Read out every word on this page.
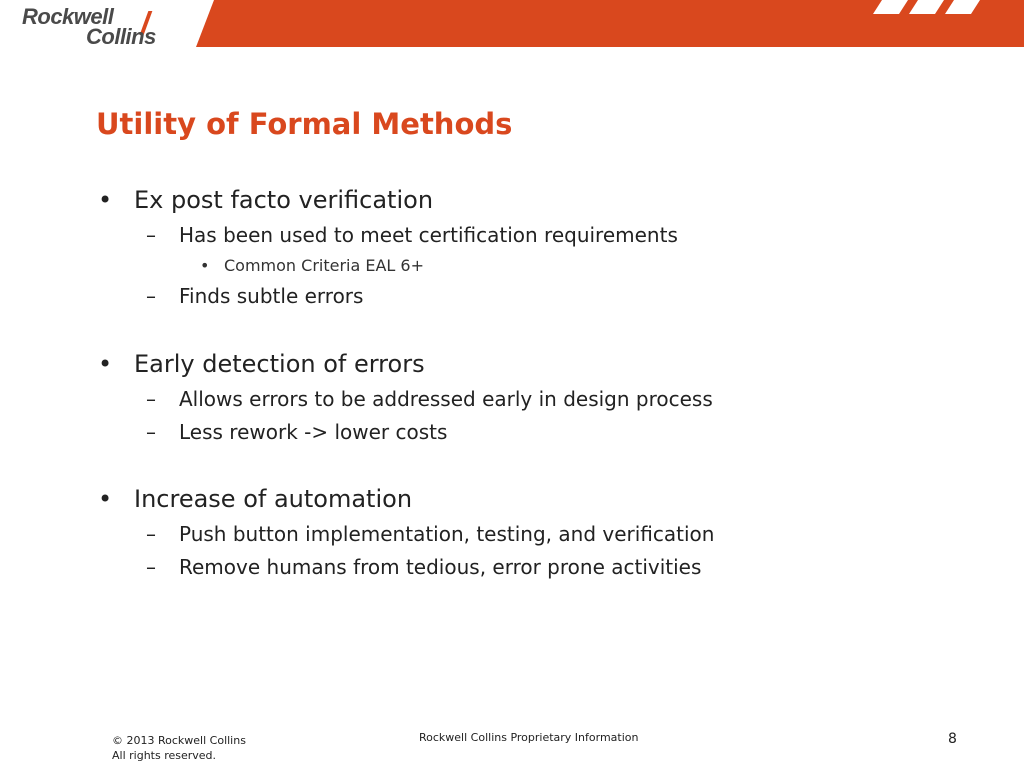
Rockwell
Collins
Utility of Formal Methods
• Ex post facto verification
– Has been used to meet certification requirements
• Common Criteria EAL 6+
– Finds subtle errors
• Early detection of errors
– Allows errors to be addressed early in design process
– Less rework -> lower costs
• Increase of automation
– Push button implementation, testing, and verification
– Remove humans from tedious, error prone activities
© 2013 Rockwell Collins
All rights reserved.
Rockwell Collins Proprietary Information	8
